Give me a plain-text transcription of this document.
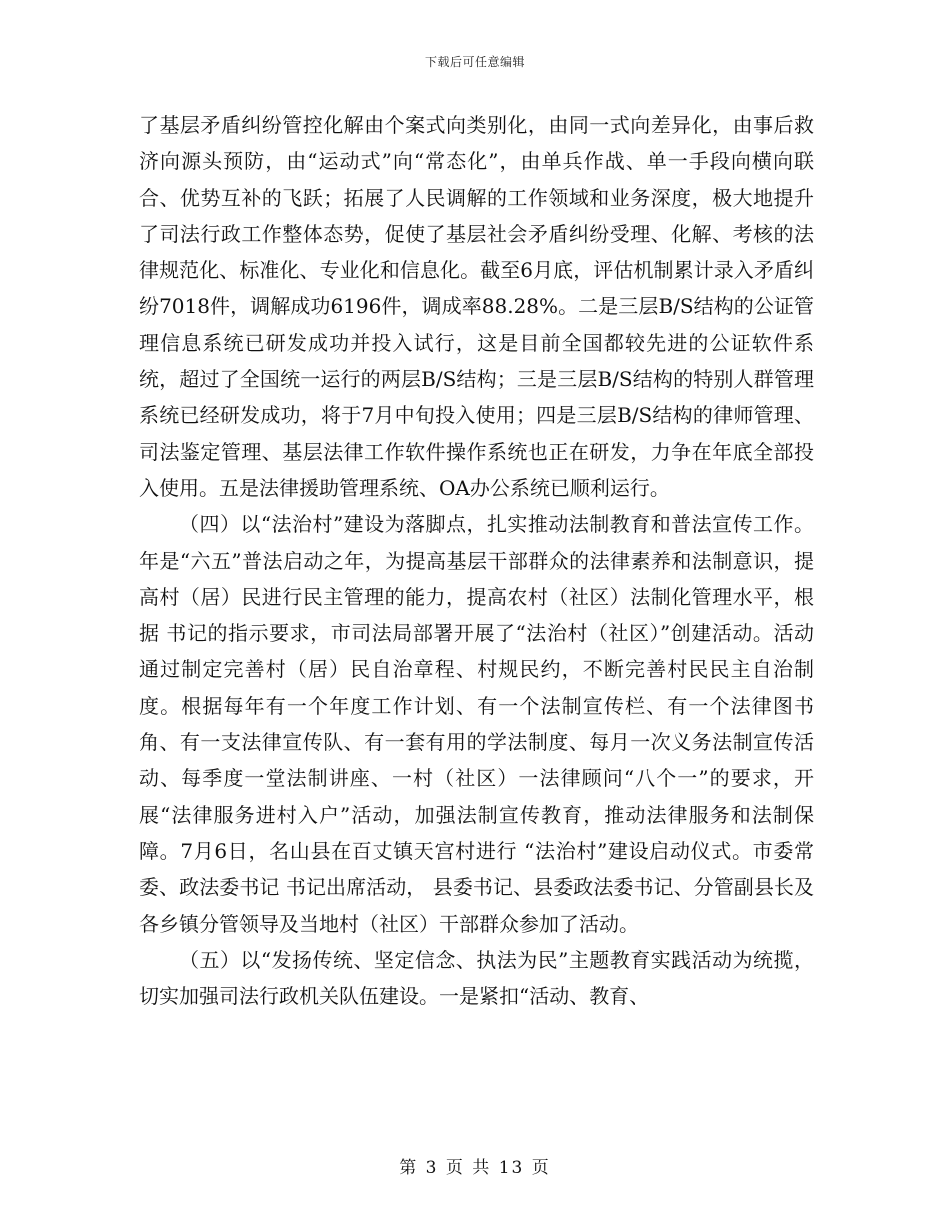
下载后可任意编辑

了基层矛盾纠纷管控化解由个案式向类别化，由同一式向差异化，由事后救济向源头预防，由“运动式”向“常态化”，由单兵作战、单一手段向横向联合、优势互补的飞跃；拓展了人民调解的工作领域和业务深度，极大地提升了司法行政工作整体态势，促使了基层社会矛盾纠纷受理、化解、考核的法律规范化、标准化、专业化和信息化。截至6月底，评估机制累计录入矛盾纠纷7018件，调解成功6196件，调成率88.28%。二是三层B/S结构的公证管理信息系统已研发成功并投入试行，这是目前全国都较先进的公证软件系统，超过了全国统一运行的两层B/S结构；三是三层B/S结构的特别人群管理系统已经研发成功，将于7月中旬投入使用；四是三层B/S结构的律师管理、司法鉴定管理、基层法律工作软件操作系统也正在研发，力争在年底全部投入使用。五是法律援助管理系统、OA办公系统已顺利运行。

（四）以“法治村”建设为落脚点，扎实推动法制教育和普法宣传工作。 年是“六五”普法启动之年，为提高基层干部群众的法律素养和法制意识，提高村（居）民进行民主管理的能力，提高农村（社区）法制化管理水平，根据 书记的指示要求，市司法局部署开展了“法治村（社区）”创建活动。活动通过制定完善村（居）民自治章程、村规民约，不断完善村民民主自治制度。根据每年有一个年度工作计划、有一个法制宣传栏、有一个法律图书角、有一支法律宣传队、有一套有用的学法制度、每月一次义务法制宣传活动、每季度一堂法制讲座、一村（社区）一法律顾问“八个一”的要求，开展“法律服务进村入户”活动，加强法制宣传教育，推动法律服务和法制保障。7月6日，名山县在百丈镇天宫村进行 “法治村”建设启动仪式。市委常委、政法委书记 书记出席活动， 县委书记、县委政法委书记、分管副县长及各乡镇分管领导及当地村（社区）干部群众参加了活动。

（五）以“发扬传统、坚定信念、执法为民”主题教育实践活动为统揽，切实加强司法行政机关队伍建设。一是紧扣“活动、教育、

第 3 页 共 13 页
